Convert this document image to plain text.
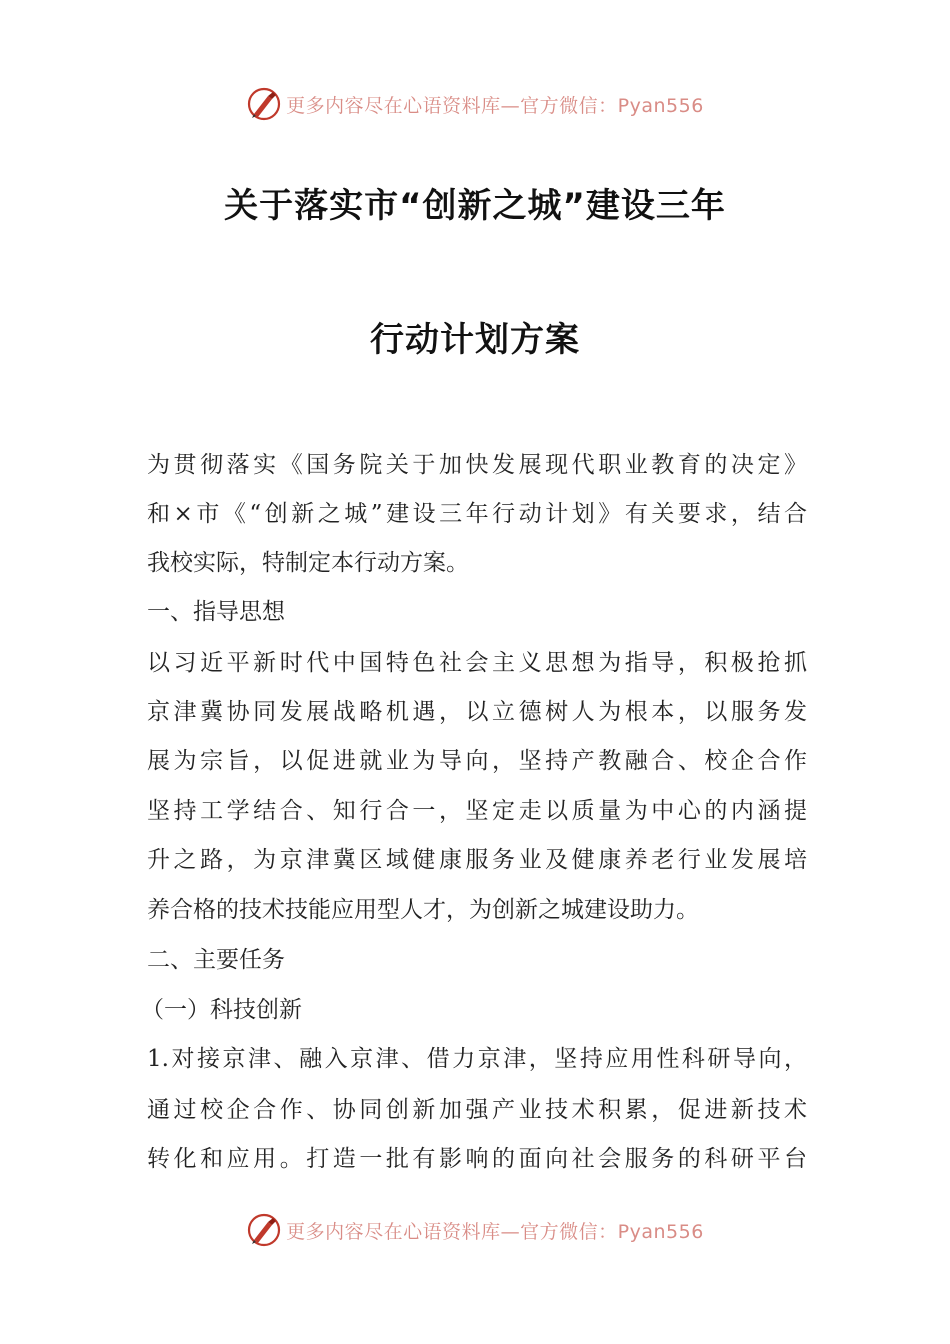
更多内容尽在心语资料库—官方微信：Pyan556
关于落实市“创新之城”建设三年
行动计划方案
为贯彻落实《国务院关于加快发展现代职业教育的决定》
和×市《“创新之城”建设三年行动计划》有关要求，结合
我校实际，特制定本行动方案。
一、指导思想
以习近平新时代中国特色社会主义思想为指导，积极抢抓
京津冀协同发展战略机遇，以立德树人为根本，以服务发
展为宗旨，以促进就业为导向，坚持产教融合、校企合作
坚持工学结合、知行合一，坚定走以质量为中心的内涵提
升之路，为京津冀区域健康服务业及健康养老行业发展培
养合格的技术技能应用型人才，为创新之城建设助力。
二、主要任务
（一）科技创新
1.对接京津、融入京津、借力京津，坚持应用性科研导向，
通过校企合作、协同创新加强产业技术积累，促进新技术
转化和应用。打造一批有影响的面向社会服务的科研平台
更多内容尽在心语资料库—官方微信：Pyan556
